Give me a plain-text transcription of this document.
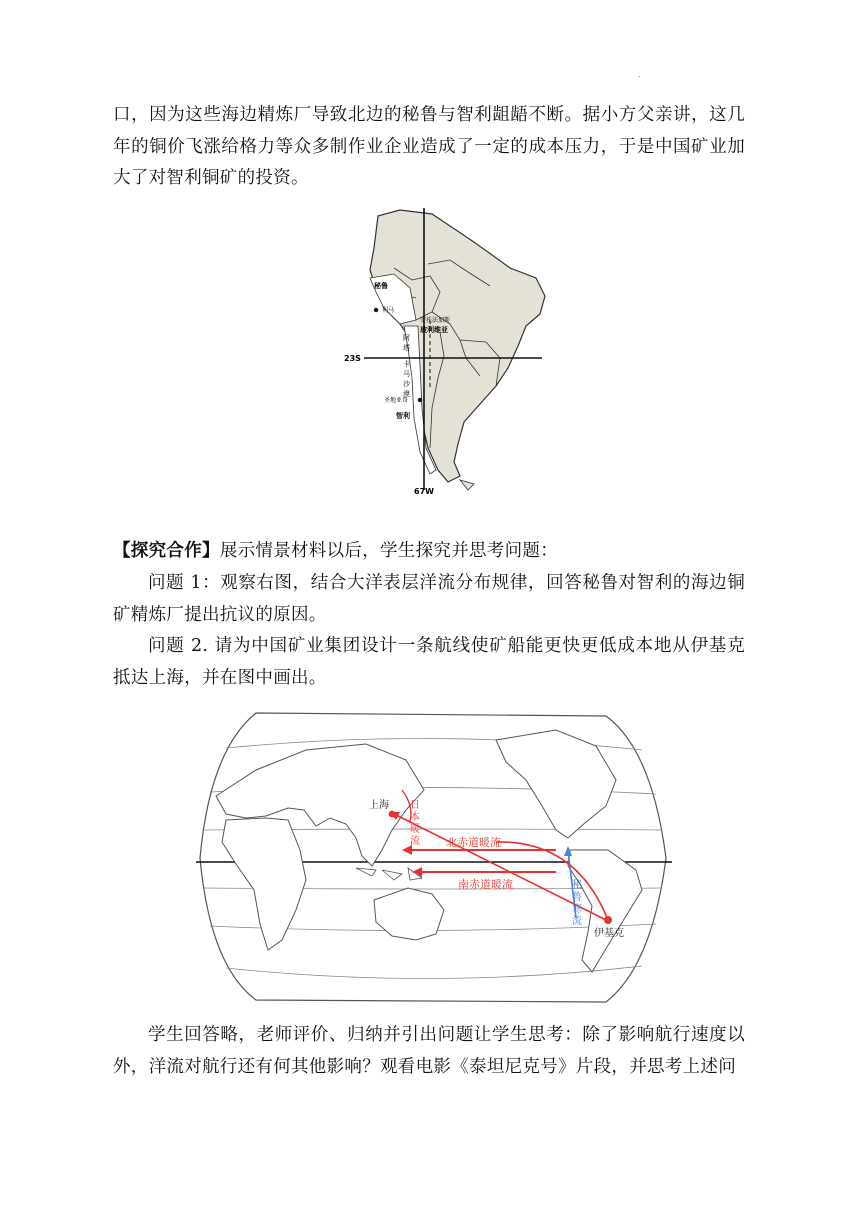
.

口，因为这些海边精炼厂导致北边的秘鲁与智利龃龉不断。据小方父亲讲，这几年的铜价飞涨给格力等众多制作业企业造成了一定的成本压力，于是中国矿业加大了对智利铜矿的投资。

秘鲁
利马
安托法加斯
玻利维亚
阿
塔
卡
马
沙
漠
圣地亚哥
智利
23S
67W

【探究合作】展示情景材料以后，学生探究并思考问题：

问题 1：观察右图，结合大洋表层洋流分布规律，回答秘鲁对智利的海边铜矿精炼厂提出抗议的原因。

问题 2. 请为中国矿业集团设计一条航线使矿船能更快更低成本地从伊基克抵达上海，并在图中画出。

上海 日
本
暖
流 北赤道暖流
南赤道暖流	秘
鲁
寒
流
伊基克

学生回答略，老师评价、归纳并引出问题让学生思考：除了影响航行速度以外，洋流对航行还有何其他影响？观看电影《泰坦尼克号》片段，并思考上述问
